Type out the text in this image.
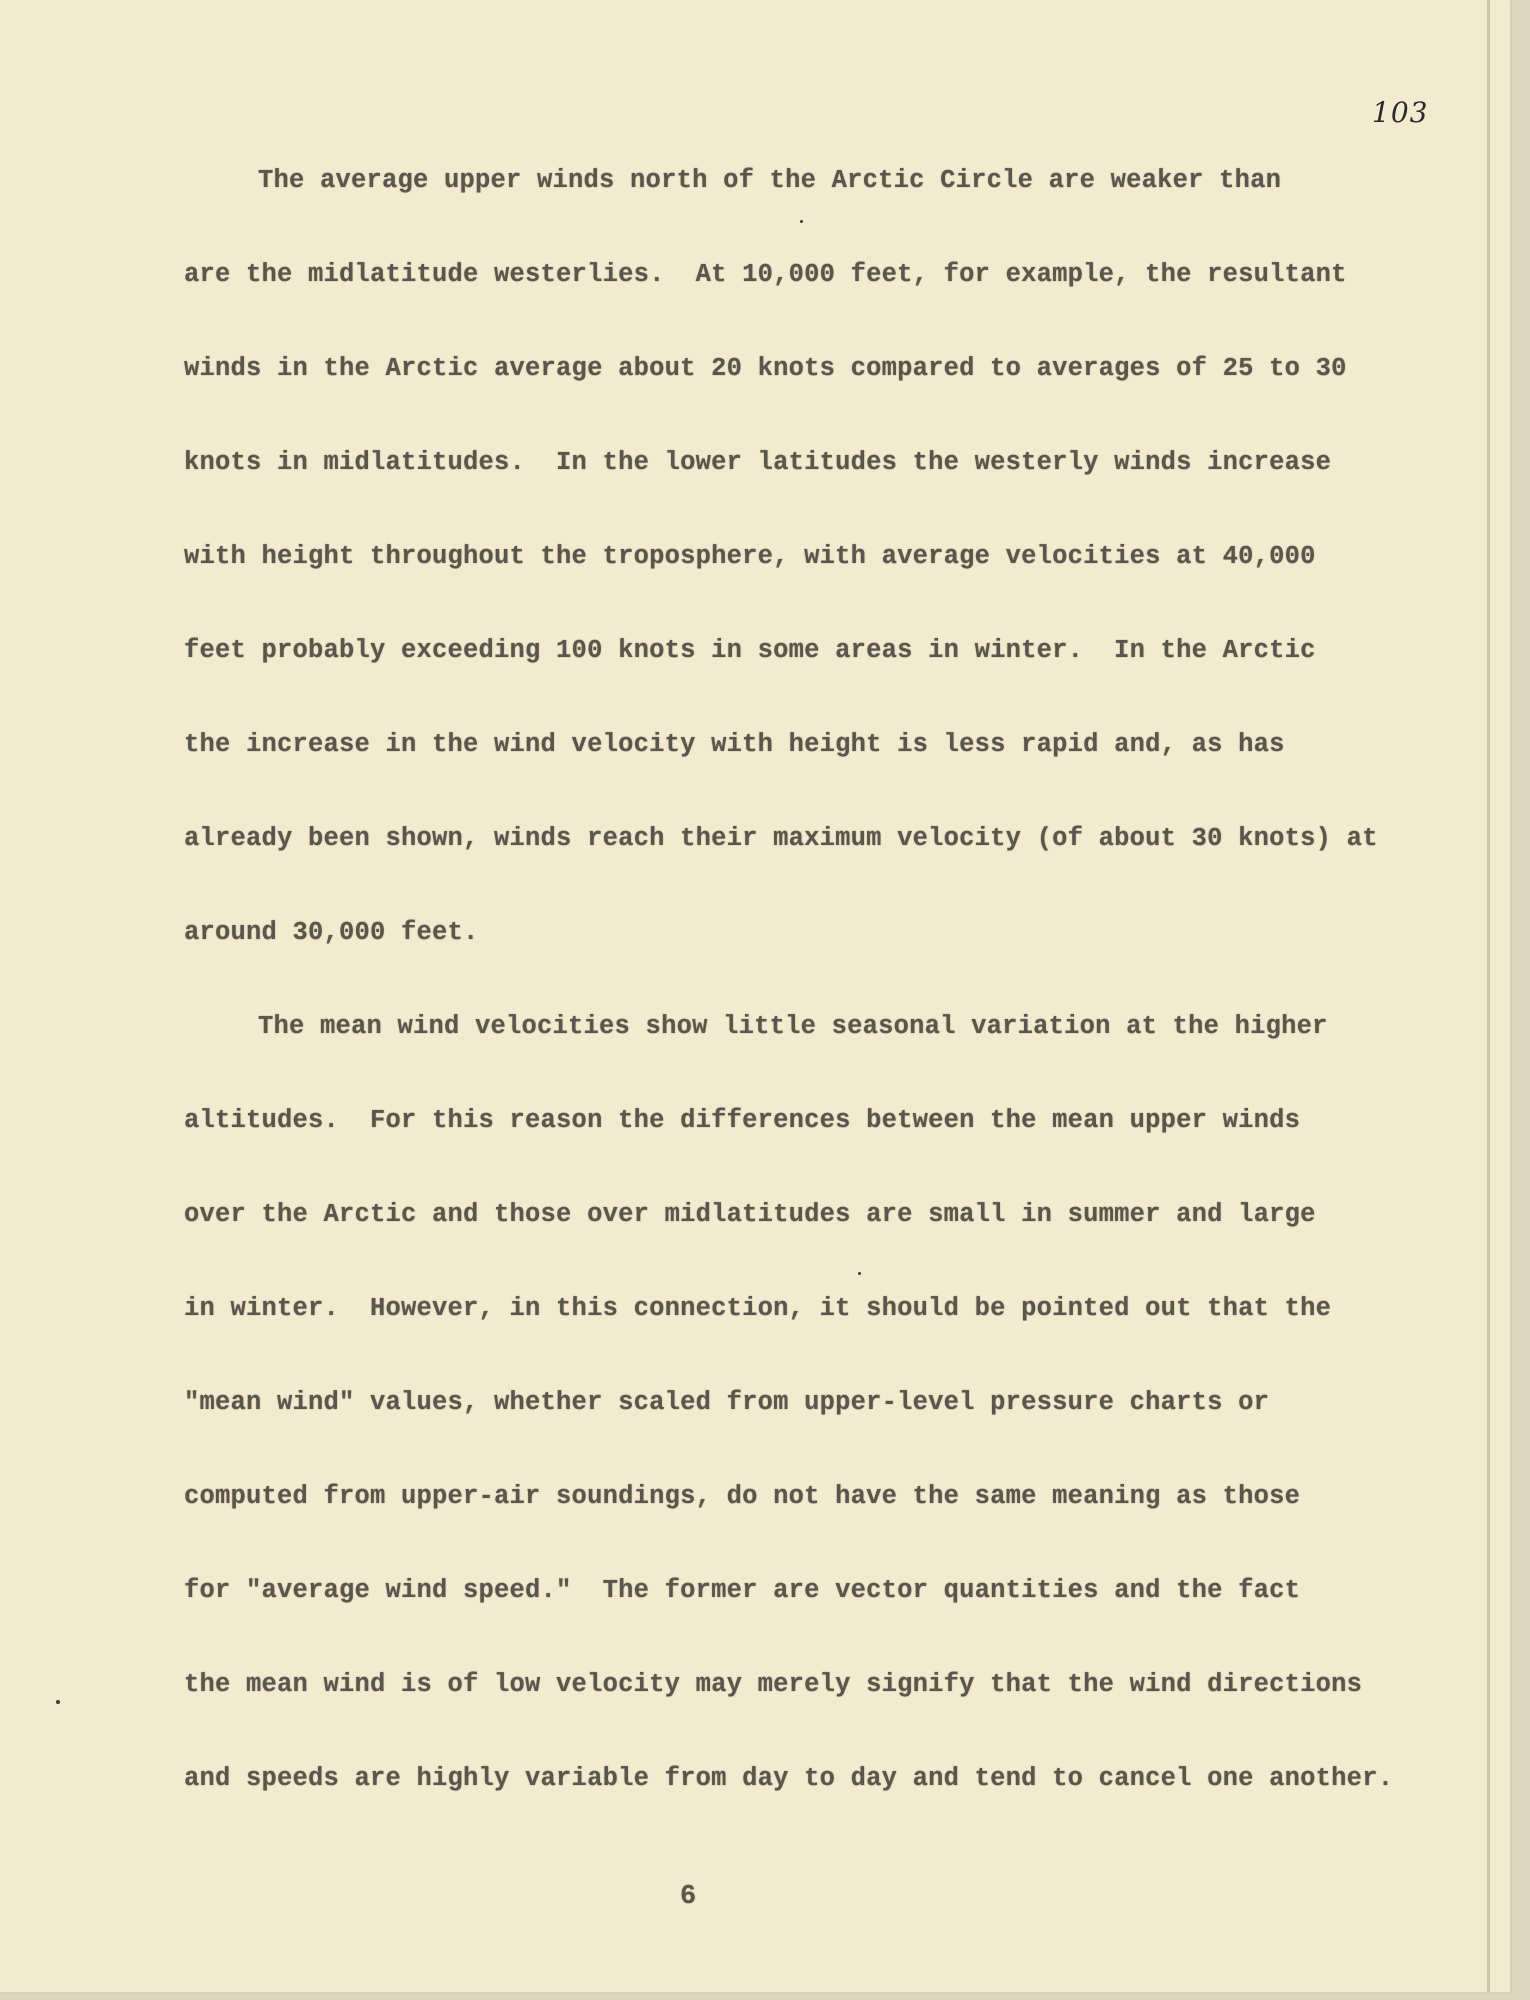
103
The average upper winds north of the Arctic Circle are weaker than
are the midlatitude westerlies.  At 10,000 feet, for example, the resultant
winds in the Arctic average about 20 knots compared to averages of 25 to 30
knots in midlatitudes.  In the lower latitudes the westerly winds increase
with height throughout the troposphere, with average velocities at 40,000
feet probably exceeding 100 knots in some areas in winter.  In the Arctic
the increase in the wind velocity with height is less rapid and, as has
already been shown, winds reach their maximum velocity (of about 30 knots) at
around 30,000 feet.
The mean wind velocities show little seasonal variation at the higher
altitudes.  For this reason the differences between the mean upper winds
over the Arctic and those over midlatitudes are small in summer and large
in winter.  However, in this connection, it should be pointed out that the
"mean wind" values, whether scaled from upper-level pressure charts or
computed from upper-air soundings, do not have the same meaning as those
for "average wind speed."  The former are vector quantities and the fact
the mean wind is of low velocity may merely signify that the wind directions
and speeds are highly variable from day to day and tend to cancel one another.
6
